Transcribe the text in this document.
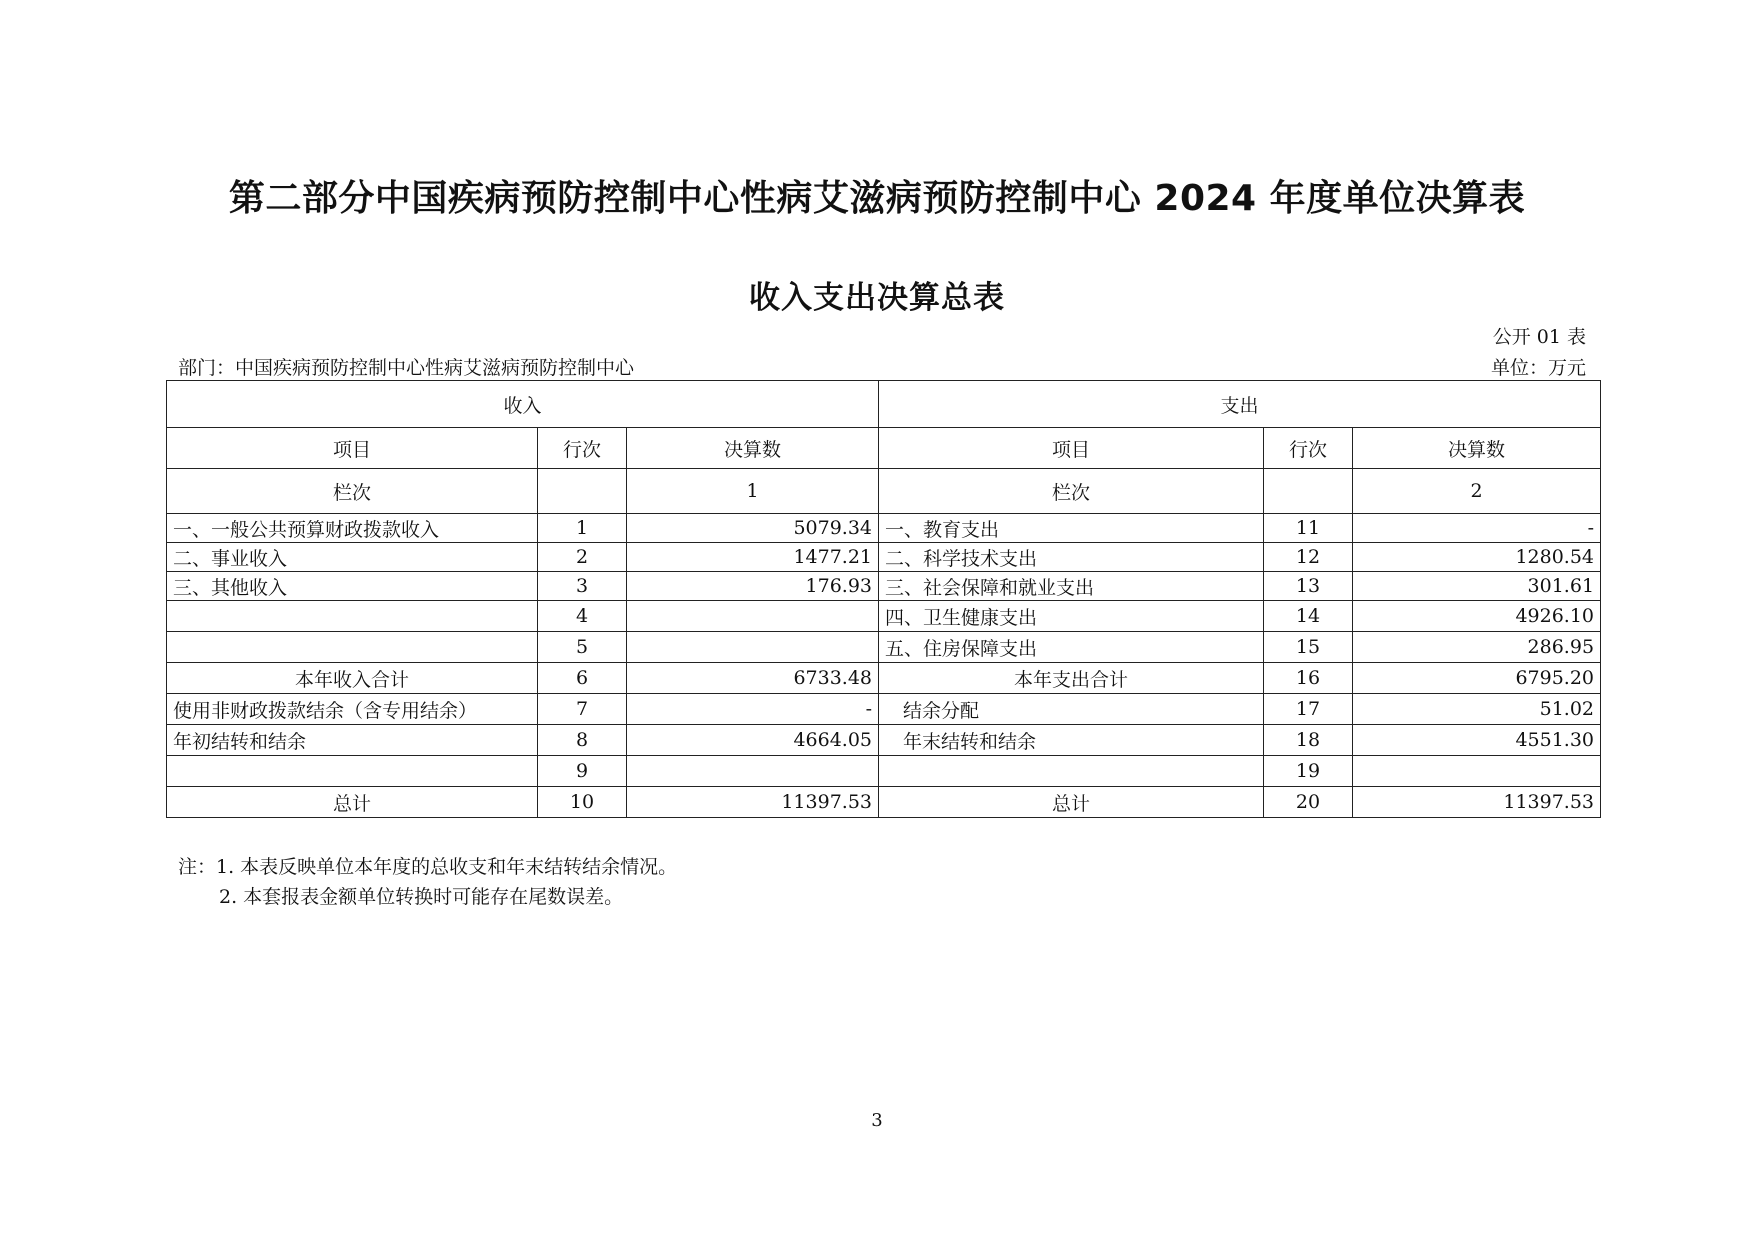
第二部分中国疾病预防控制中心性病艾滋病预防控制中心 2024 年度单位决算表
收入支出决算总表
公开 01 表
部门：中国疾病预防控制中心性病艾滋病预防控制中心	单位：万元
收入			支出		
项目	行次	决算数	项目	行次	决算数
栏次		1	栏次		2
一、一般公共预算财政拨款收入	1	5079.34	一、教育支出	11	-
二、事业收入	2	1477.21	二、科学技术支出	12	1280.54
三、其他收入	3	176.93	三、社会保障和就业支出	13	301.61
	4		四、卫生健康支出	14	4926.10
	5		五、住房保障支出	15	286.95
本年收入合计	6	6733.48	本年支出合计	16	6795.20
使用非财政拨款结余（含专用结余）	7	-	结余分配	17	51.02
年初结转和结余	8	4664.05	年末结转和结余	18	4551.30
	9			19	
总计	10	11397.53	总计	20	11397.53
注：1. 本表反映单位本年度的总收支和年末结转结余情况。
2. 本套报表金额单位转换时可能存在尾数误差。
3
